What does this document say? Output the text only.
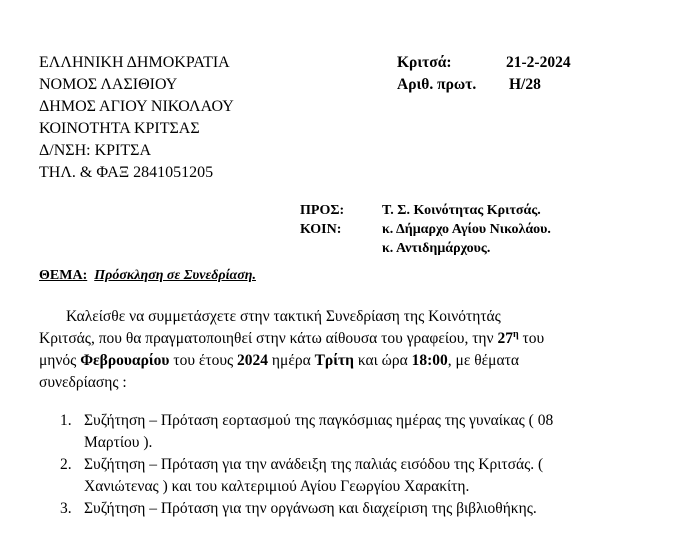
ΕΛΛΗΝΙΚΗ ΔΗΜΟΚΡΑΤΙΑ
ΝΟΜΟΣ ΛΑΣΙΘΙΟΥ
ΔΗΜΟΣ ΑΓΙΟΥ ΝΙΚΟΛΑΟΥ
ΚΟΙΝΟΤΗΤΑ ΚΡΙΤΣΑΣ
Δ/ΝΣΗ: ΚΡΙΤΣΑ
ΤΗΛ. & ΦΑΞ 2841051205
Κριτσά:	21-2-2024
Αριθ. πρωτ. Η/28
ΠΡΟΣ:	Τ. Σ. Κοινότητας Κριτσάς.
ΚΟΙΝ:	κ. Δήμαρχο Αγίου Νικολάου.
κ. Αντιδημάρχους.
ΘΕΜΑ: Πρόσκληση σε Συνεδρίαση.
Καλείσθε να συμμετάσχετε στην τακτική Συνεδρίαση της Κοινότητάς
Κριτσάς, που θα πραγματοποιηθεί στην κάτω αίθουσα του γραφείου, την $27^\eta$ του
μηνός Φεβρουαρίου του έτους 2024 ημέρα Τρίτη και ώρα 18:00, με θέματα
συνεδρίασης :
1. Συζήτηση – Πρόταση εορτασμού της παγκόσμιας ημέρας της γυναίκας ( 08
Μαρτίου ).
2. Συζήτηση – Πρόταση για την ανάδειξη της παλιάς εισόδου της Κριτσάς. (
Χανιώτενας ) και του καλτεριμιού Αγίου Γεωργίου Χαρακίτη.
3. Συζήτηση – Πρόταση για την οργάνωση και διαχείριση της βιβλιοθήκης.
